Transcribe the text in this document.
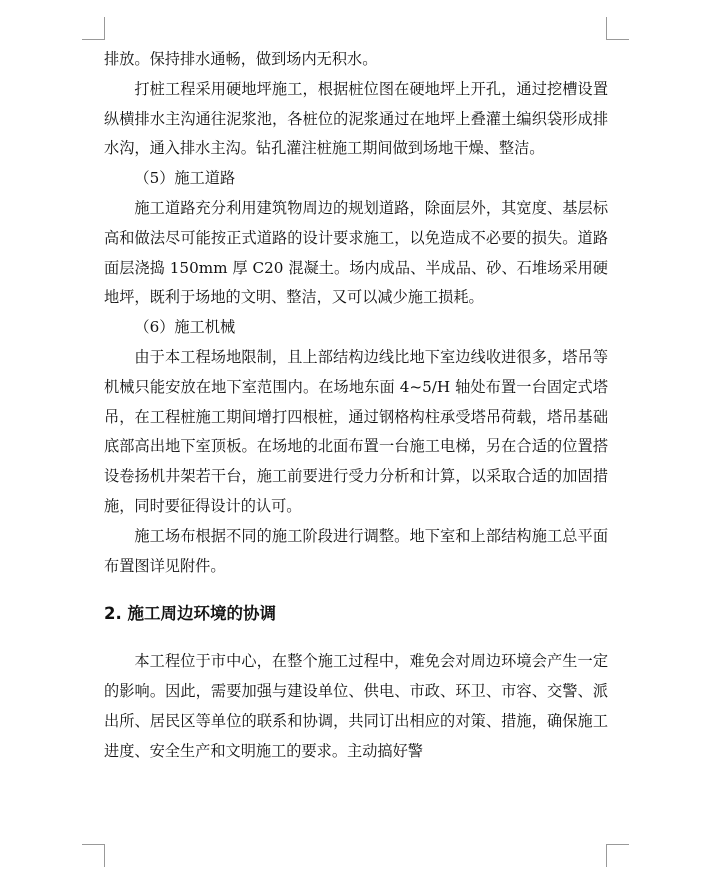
排放。保持排水通畅，做到场内无积水。

打桩工程采用硬地坪施工，根据桩位图在硬地坪上开孔，通过挖槽设置纵横排水主沟通往泥浆池，各桩位的泥浆通过在地坪上叠灌土编织袋形成排水沟，通入排水主沟。钻孔灌注桩施工期间做到场地干燥、整洁。

（5）施工道路

施工道路充分利用建筑物周边的规划道路，除面层外，其宽度、基层标高和做法尽可能按正式道路的设计要求施工，以免造成不必要的损失。道路面层浇捣 150mm 厚 C20 混凝土。场内成品、半成品、砂、石堆场采用硬地坪，既利于场地的文明、整洁，又可以减少施工损耗。

（6）施工机械

由于本工程场地限制，且上部结构边线比地下室边线收进很多，塔吊等机械只能安放在地下室范围内。在场地东面 4~5/H 轴处布置一台固定式塔吊，在工程桩施工期间增打四根桩，通过钢格构柱承受塔吊荷载，塔吊基础底部高出地下室顶板。在场地的北面布置一台施工电梯，另在合适的位置搭设卷扬机井架若干台，施工前要进行受力分析和计算，以采取合适的加固措施，同时要征得设计的认可。

施工场布根据不同的施工阶段进行调整。地下室和上部结构施工总平面布置图详见附件。

2. 施工周边环境的协调

本工程位于市中心，在整个施工过程中，难免会对周边环境会产生一定的影响。因此，需要加强与建设单位、供电、市政、环卫、市容、交警、派出所、居民区等单位的联系和协调，共同订出相应的对策、措施，确保施工进度、安全生产和文明施工的要求。主动搞好警
